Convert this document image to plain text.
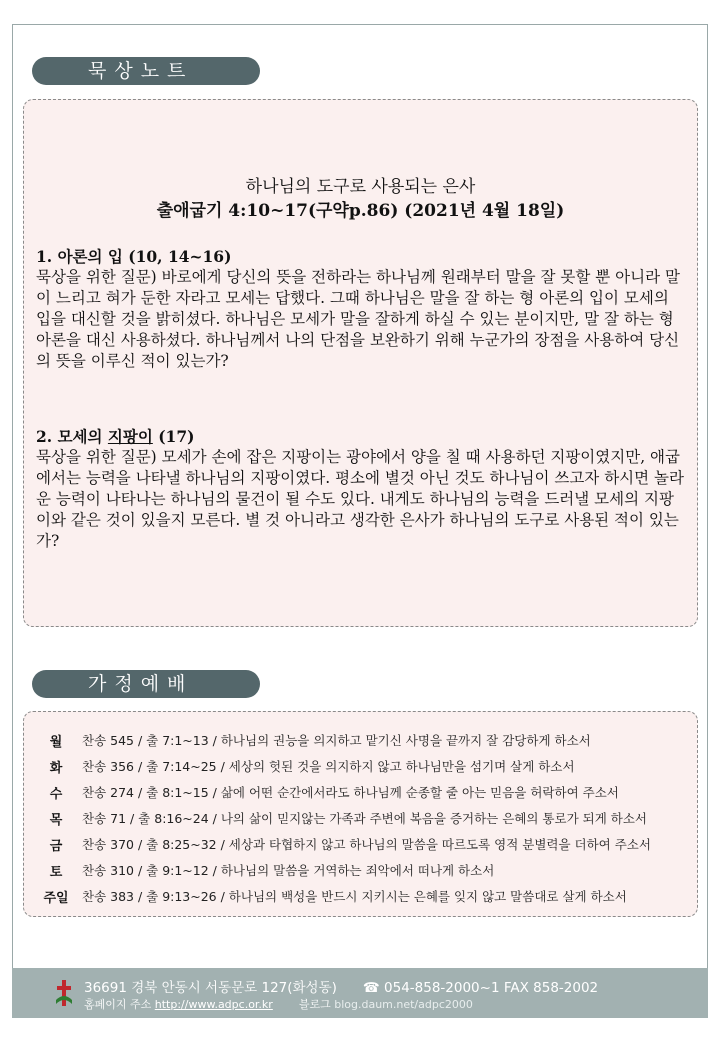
묵상노트
하나님의 도구로 사용되는 은사
출애굽기 4:10~17(구약p.86) (2021년 4월 18일)
1. 아론의 입 (10, 14~16)
묵상을 위한 질문) 바로에게 당신의 뜻을 전하라는 하나님께 원래부터 말을 잘 못할 뿐 아니라 말이 느리고 혀가 둔한 자라고 모세는 답했다. 그때 하나님은 말을 잘 하는 형 아론의 입이 모세의 입을 대신할 것을 밝히셨다. 하나님은 모세가 말을 잘하게 하실 수 있는 분이지만, 말 잘 하는 형 아론을 대신 사용하셨다. 하나님께서 나의 단점을 보완하기 위해 누군가의 장점을 사용하여 당신의 뜻을 이루신 적이 있는가?
2. 모세의 지팡이 (17)
묵상을 위한 질문) 모세가 손에 잡은 지팡이는 광야에서 양을 칠 때 사용하던 지팡이였지만, 애굽에서는 능력을 나타낼 하나님의 지팡이였다. 평소에 별것 아닌 것도 하나님이 쓰고자 하시면 놀라운 능력이 나타나는 하나님의 물건이 될 수도 있다. 내게도 하나님의 능력을 드러낼 모세의 지팡이와 같은 것이 있을지 모른다. 별 것 아니라고 생각한 은사가 하나님의 도구로 사용된 적이 있는가?
가정예배
월	찬송 545 / 출 7:1~13 / 하나님의 권능을 의지하고 맡기신 사명을 끝까지 잘 감당하게 하소서
화	찬송 356 / 출 7:14~25 / 세상의 헛된 것을 의지하지 않고 하나님만을 섬기며 살게 하소서
수	찬송 274 / 출 8:1~15 / 삶에 어떤 순간에서라도 하나님께 순종할 줄 아는 믿음을 허락하여 주소서
목	찬송 71 / 출 8:16~24 / 나의 삶이 믿지않는 가족과 주변에 복음을 증거하는 은혜의 통로가 되게 하소서
금	찬송 370 / 출 8:25~32 / 세상과 타협하지 않고 하나님의 말씀을 따르도록 영적 분별력을 더하여 주소서
토	찬송 310 / 출 9:1~12 / 하나님의 말씀을 거역하는 죄악에서 떠나게 하소서
주일 찬송 383 / 출 9:13~26 / 하나님의 백성을 반드시 지키시는 은혜를 잊지 않고 말씀대로 살게 하소서
36691 경북 안동시 서동문로 127(화성동) ☎ 054-858-2000~1 FAX 858-2002
홈페이지 주소 http://www.adpc.or.kr 블로그 blog.daum.net/adpc2000
